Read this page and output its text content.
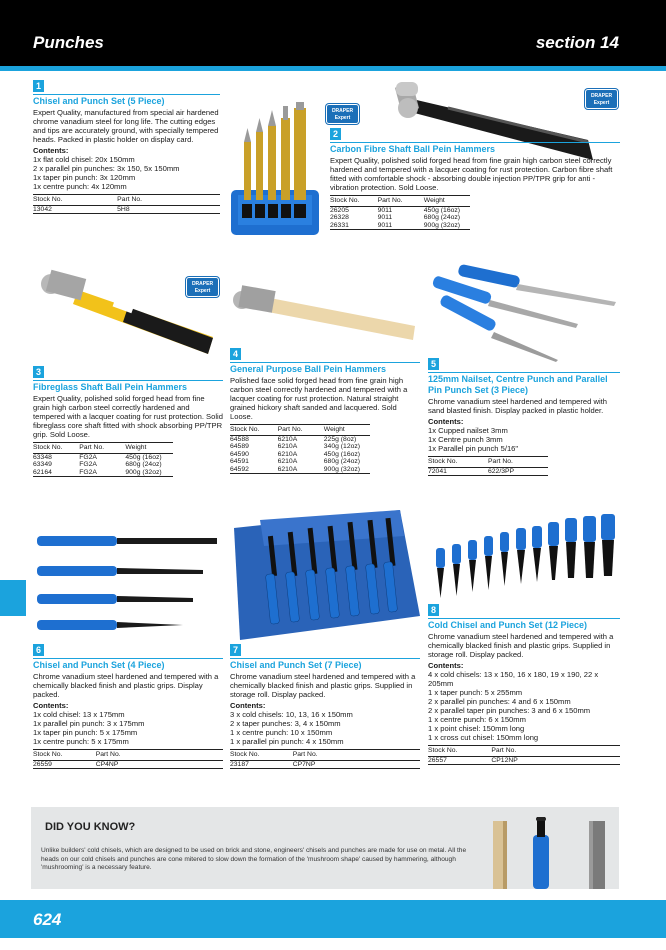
Punches	section 14
1
Chisel and Punch Set (5 Piece)
Expert Quality, manufactured from special air hardened chrome vanadium steel for long life. The cutting edges and tips are accurately ground, with specially tempered heads. Packed in plastic holder on display card.
Contents:
1x flat cold chisel: 20x 150mm
2 x parallel pin punches: 3x 150, 5x 150mm
1x taper pin punch: 3x 120mm
1x centre punch: 4x 120mm
Stock No.	Part No.
13042	5H8
DRAPER Expert
DRAPER Expert
2
Carbon Fibre Shaft Ball Pein Hammers
Expert Quality, polished solid forged head from fine grain high carbon steel correctly hardened and tempered with a lacquer coating for rust protection. Carbon fibre shaft fitted with comfortable shock - absorbing double injection PP/TPR grip for anti - vibration protection. Sold Loose.
Stock No.	Part No.	Weight
26205	9011	450g (16oz)
26328	9011	680g (24oz)
26331	9011	900g (32oz)
DRAPER Expert
3
Fibreglass Shaft Ball Pein Hammers
Expert Quality, polished solid forged head from fine grain high carbon steel correctly hardened and tempered with a lacquer coating for rust protection. Solid fibreglass core shaft fitted with shock absorbing PP/TPR grip. Sold Loose.
Stock No.	Part No.	Weight
63348	FG2A	450g (16oz)
63349	FG2A	680g (24oz)
62164	FG2A	900g (32oz)
4
General Purpose Ball Pein Hammers
Polished face solid forged head from fine grain high carbon steel correctly hardened and tempered with a lacquer coating for rust protection. Natural straight grained hickory shaft sanded and lacquered. Sold Loose.
Stock No.	Part No.	Weight
64588	6210A	225g (8oz)
64589	6210A	340g (12oz)
64590	6210A	450g (16oz)
64591	6210A	680g (24oz)
64592	6210A	900g (32oz)
5
125mm Nailset, Centre Punch and Parallel Pin Punch Set (3 Piece)
Chrome vanadium steel hardened and tempered with sand blasted finish. Display packed in plastic holder.
Contents:
1x Cupped nailset 3mm
1x Centre punch 3mm
1x Parallel pin punch 5/16"
Stock No.	Part No.
72041	622/3PP
6
Chisel and Punch Set (4 Piece)
Chrome vanadium steel hardened and tempered with a chemically blacked finish and plastic grips. Display packed.
Contents:
1x cold chisel: 13 x 175mm
1x parallel pin punch: 3 x 175mm
1x taper pin punch: 5 x 175mm
1x centre punch: 5 x 175mm
Stock No.	Part No.
26559	CP4NP
7
Chisel and Punch Set (7 Piece)
Chrome vanadium steel hardened and tempered with a chemically blacked finish and plastic grips. Supplied in storage roll. Display packed.
Contents:
3 x cold chisels: 10, 13, 16 x 150mm
2 x taper punches: 3, 4 x 150mm
1 x centre punch: 10 x 150mm
1 x parallel pin punch: 4 x 150mm
Stock No.	Part No.
23187	CP7NP
8
Cold Chisel and Punch Set (12 Piece)
Chrome vanadium steel hardened and tempered with a chemically blacked finish and plastic grips. Supplied in storage roll. Display packed.
Contents:
4 x cold chisels: 13 x 150, 16 x 180, 19 x 190, 22 x 205mm
1 x taper punch: 5 x 255mm
2 x parallel pin punches: 4 and 6 x 150mm
2 x parallel taper pin punches: 3 and 6 x 150mm
1 x centre punch: 6 x 150mm
1 x point chisel: 150mm long
1 x cross cut chisel: 150mm long
Stock No.	Part No.
26557	CP12NP
DID YOU KNOW?
Unlike builders' cold chisels, which are designed to be used on brick and stone, engineers' chisels and punches are made for use on metal. All the heads on our cold chisels and punches are cone mitered to slow down the formation of the 'mushroom shape' caused by hammering, although 'mushrooming' is a necessary feature.
624
